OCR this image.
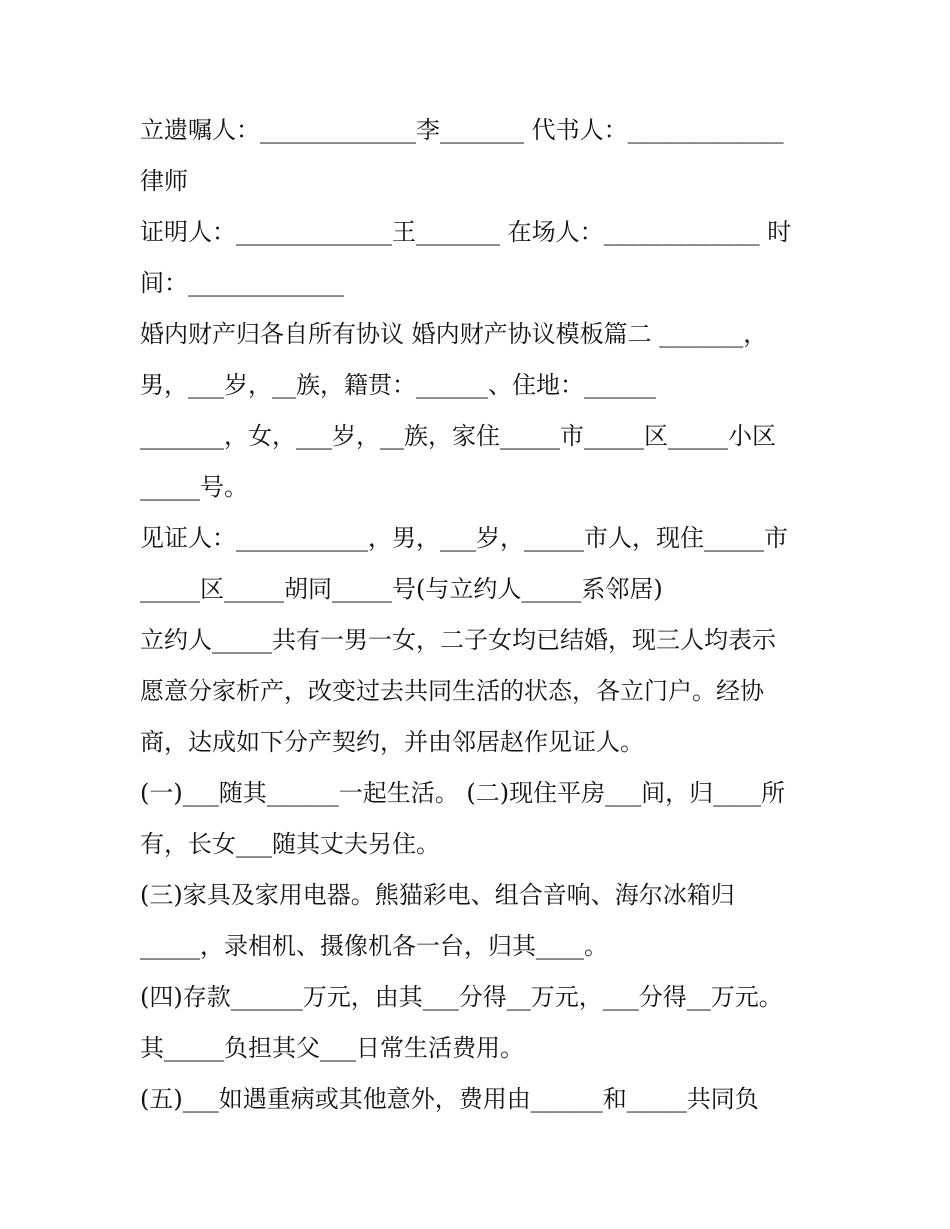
立遗嘱人：_____________李_______ 代书人：_____________
律师
证明人：_____________王_______ 在场人：_____________ 时
间：_____________
婚内财产归各自所有协议 婚内财产协议模板篇二 _______，
男，___岁，__族，籍贯：______、住地：______
_______，女，___岁，__族，家住_____市_____区_____小区
_____号。
见证人：___________，男，___岁，_____市人，现住_____市
_____区_____胡同_____号(与立约人_____系邻居)
立约人_____共有一男一女，二子女均已结婚，现三人均表示
愿意分家析产，改变过去共同生活的状态，各立门户。经协
商，达成如下分产契约，并由邻居赵作见证人。
(一)___随其______一起生活。 (二)现住平房___间，归____所
有，长女___随其丈夫另住。
(三)家具及家用电器。熊猫彩电、组合音响、海尔冰箱归
_____，录相机、摄像机各一台，归其____。
(四)存款______万元，由其___分得__万元，___分得__万元。
其_____负担其父___日常生活费用。
(五)___如遇重病或其他意外，费用由______和_____共同负
